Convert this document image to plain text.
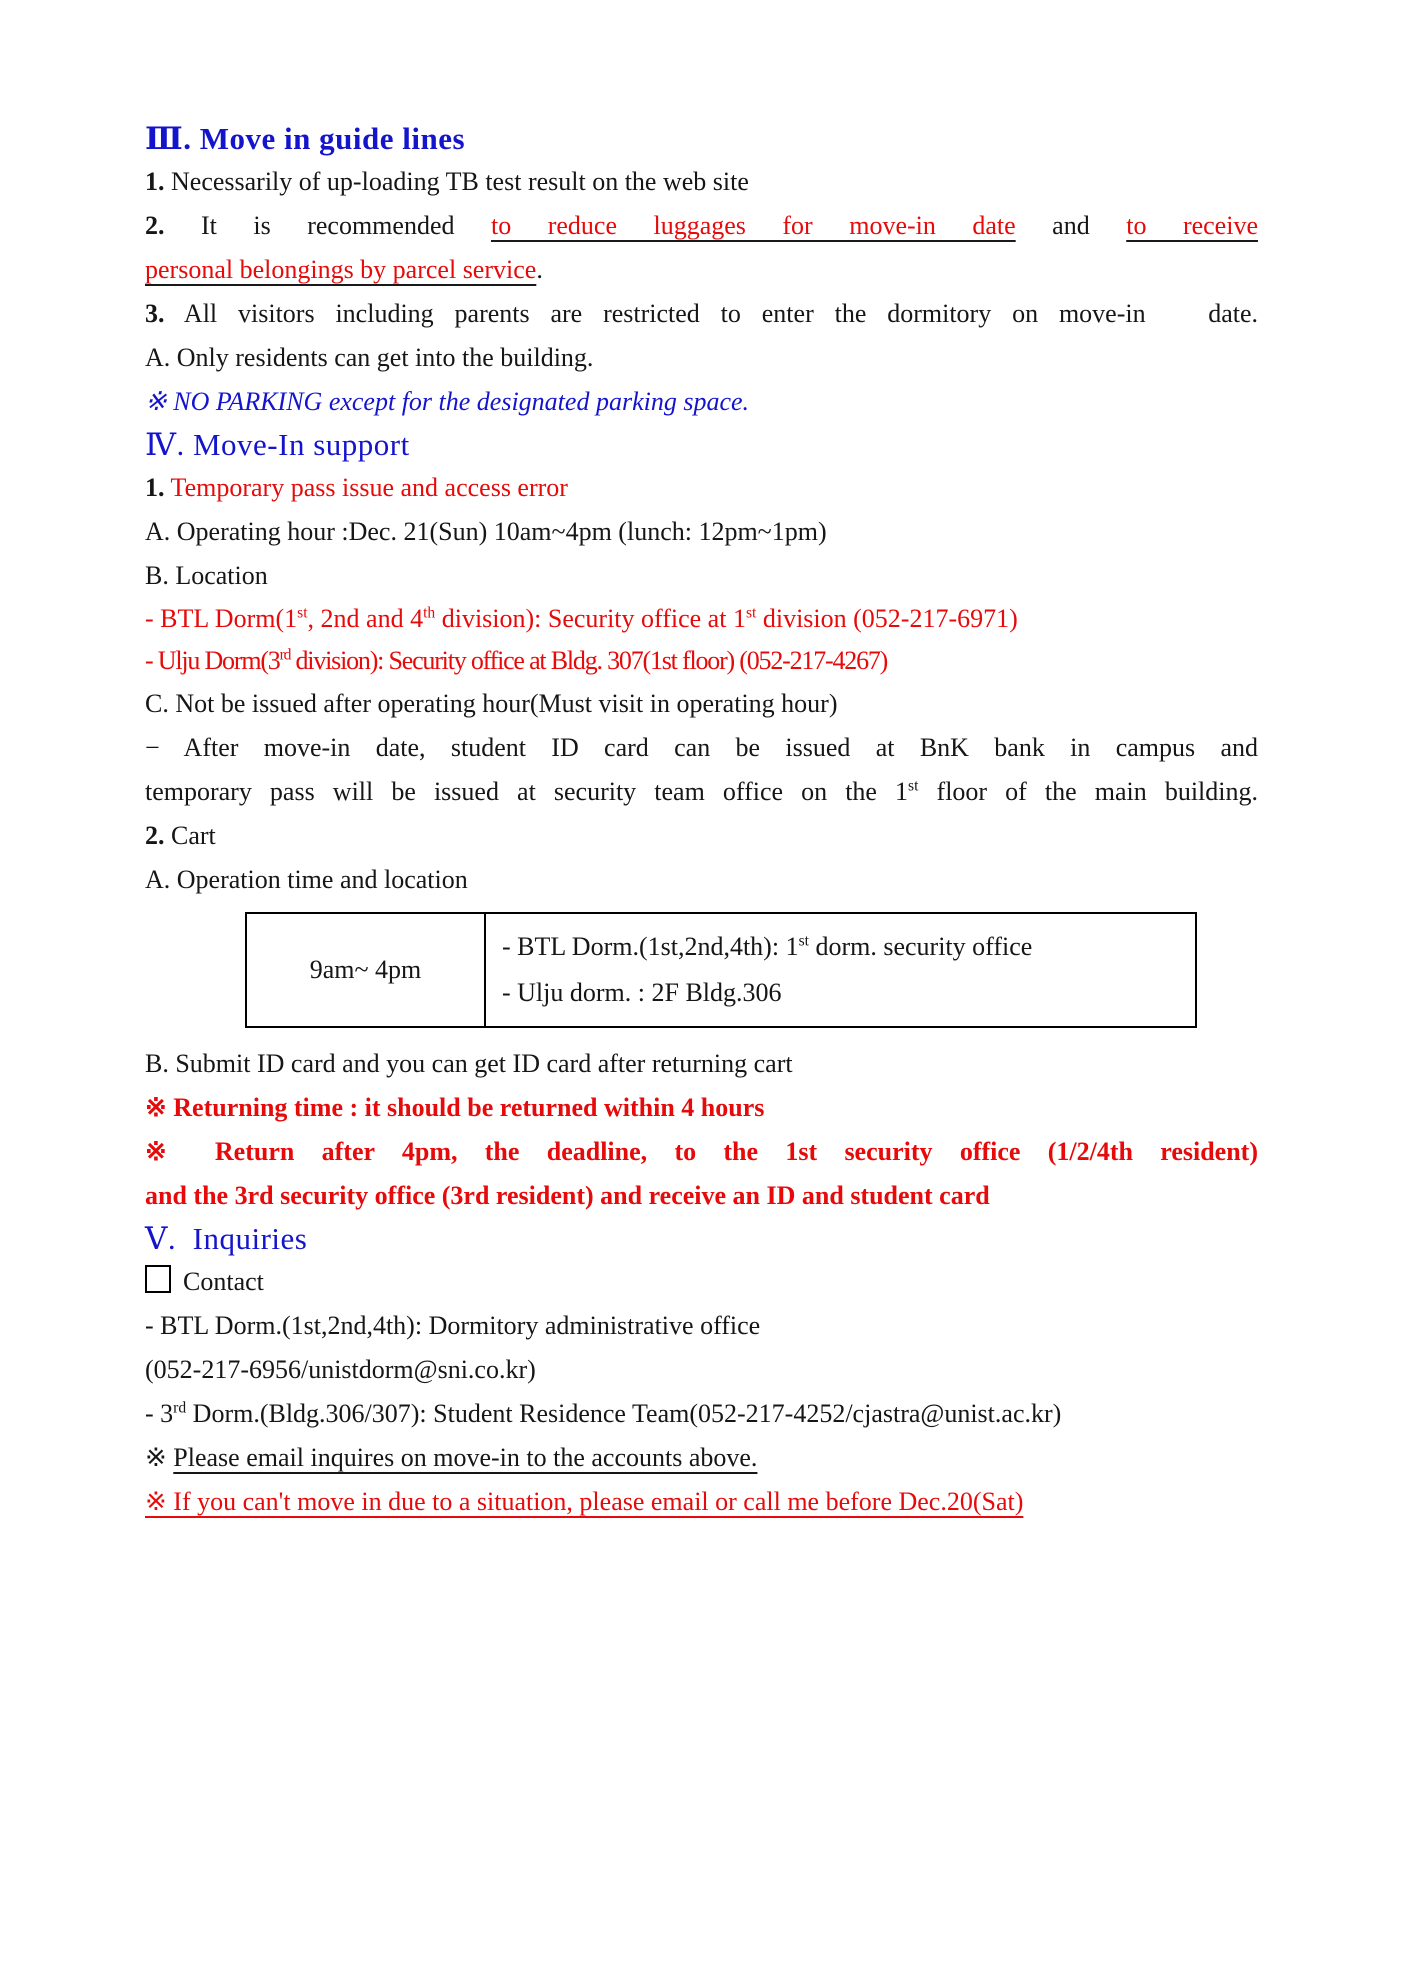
Ⅲ. Move in guide lines

1. Necessarily of up-loading TB test result on the web site

2. It is recommended to reduce luggages for move-in date and to receive

personal belongings by parcel service.

3. All visitors including parents are restricted to enter the dormitory on move-in   date.

A. Only residents can get into the building.

※ NO PARKING except for the designated parking space.

Ⅳ. Move-In support

1. Temporary pass issue and access error

A. Operating hour :Dec. 21(Sun) 10am~4pm (lunch: 12pm~1pm)

B. Location

- BTL Dorm(1st, 2nd and 4th division): Security office at 1st division (052-217-6971)

- Ulju Dorm(3rd division): Security office at Bldg. 307(1st floor) (052-217-4267)

C. Not be issued after operating hour(Must visit in operating hour)

− After move-in date, student ID card can be issued at BnK bank in campus and

temporary pass will be issued at security team office on the 1st floor of the main building.

2. Cart

A. Operation time and location

9am~ 4pm	
- BTL Dorm.(1st,2nd,4th): 1st dorm. security office
- Ulju dorm. : 2F Bldg.306

B. Submit ID card and you can get ID card after returning cart

※ Returning time : it should be returned within 4 hours

※ Return after 4pm, the deadline, to the 1st security office (1/2/4th resident)

and the 3rd security office (3rd resident) and receive an ID and student card

Ⅴ.  Inquiries

Contact

- BTL Dorm.(1st,2nd,4th): Dormitory administrative office

(052-217-6956/unistdorm@sni.co.kr)

- 3rd Dorm.(Bldg.306/307): Student Residence Team(052-217-4252/cjastra@unist.ac.kr)

※ Please email inquires on move-in to the accounts above.

※ If you can't move in due to a situation, please email or call me before Dec.20(Sat)
